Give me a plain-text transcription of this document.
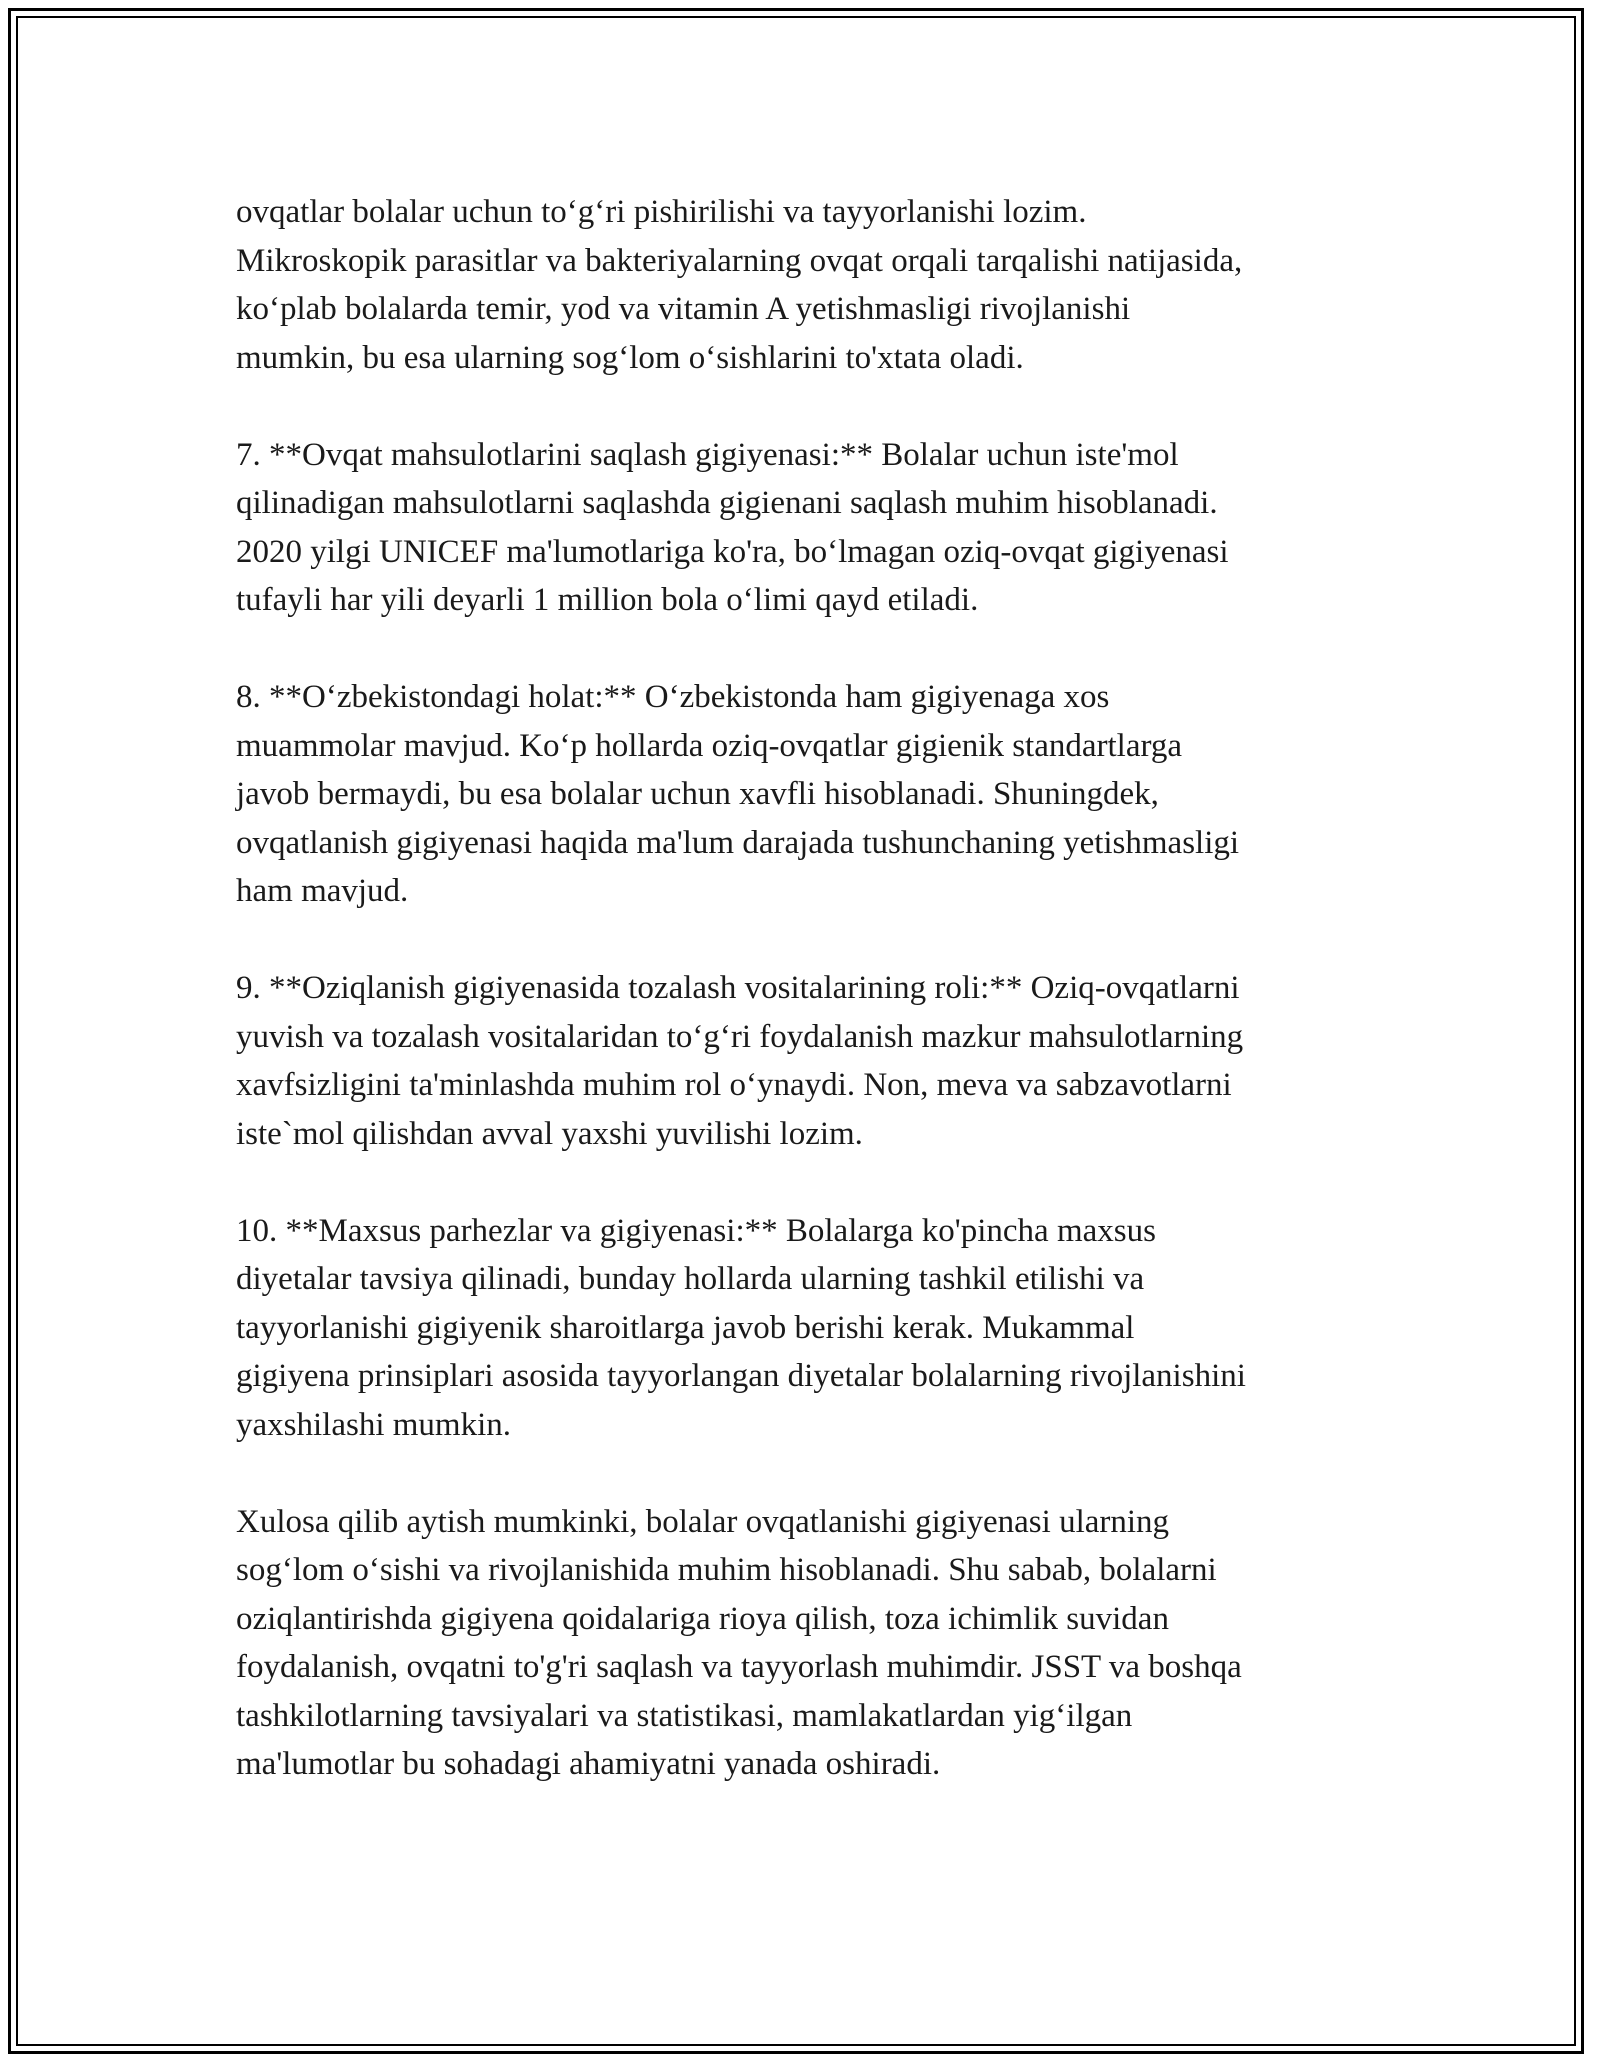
ovqatlar bolalar uchun to‘g‘ri pishirilishi va tayyorlanishi lozim.
Mikroskopik parasitlar va bakteriyalarning ovqat orqali tarqalishi natijasida,
ko‘plab bolalarda temir, yod va vitamin A yetishmasligi rivojlanishi
mumkin, bu esa ularning sog‘lom o‘sishlarini to'xtata oladi.

7. **Ovqat mahsulotlarini saqlash gigiyenasi:** Bolalar uchun iste'mol
qilinadigan mahsulotlarni saqlashda gigienani saqlash muhim hisoblanadi.
2020 yilgi UNICEF ma'lumotlariga ko'ra, bo‘lmagan oziq-ovqat gigiyenasi
tufayli har yili deyarli 1 million bola o‘limi qayd etiladi.

8. **O‘zbekistondagi holat:** O‘zbekistonda ham gigiyenaga xos
muammolar mavjud. Ko‘p hollarda oziq-ovqatlar gigienik standartlarga
javob bermaydi, bu esa bolalar uchun xavfli hisoblanadi. Shuningdek,
ovqatlanish gigiyenasi haqida ma'lum darajada tushunchaning yetishmasligi
ham mavjud.

9. **Oziqlanish gigiyenasida tozalash vositalarining roli:** Oziq-ovqatlarni
yuvish va tozalash vositalaridan to‘g‘ri foydalanish mazkur mahsulotlarning
xavfsizligini ta'minlashda muhim rol o‘ynaydi. Non, meva va sabzavotlarni
iste`mol qilishdan avval yaxshi yuvilishi lozim.

10. **Maxsus parhezlar va gigiyenasi:** Bolalarga ko'pincha maxsus
diyetalar tavsiya qilinadi, bunday hollarda ularning tashkil etilishi va
tayyorlanishi gigiyenik sharoitlarga javob berishi kerak. Mukammal
gigiyena prinsiplari asosida tayyorlangan diyetalar bolalarning rivojlanishini
yaxshilashi mumkin.

Xulosa qilib aytish mumkinki, bolalar ovqatlanishi gigiyenasi ularning
sog‘lom o‘sishi va rivojlanishida muhim hisoblanadi. Shu sabab, bolalarni
oziqlantirishda gigiyena qoidalariga rioya qilish, toza ichimlik suvidan
foydalanish, ovqatni to'g'ri saqlash va tayyorlash muhimdir. JSST va boshqa
tashkilotlarning tavsiyalari va statistikasi, mamlakatlardan yig‘ilgan
ma'lumotlar bu sohadagi ahamiyatni yanada oshiradi.
